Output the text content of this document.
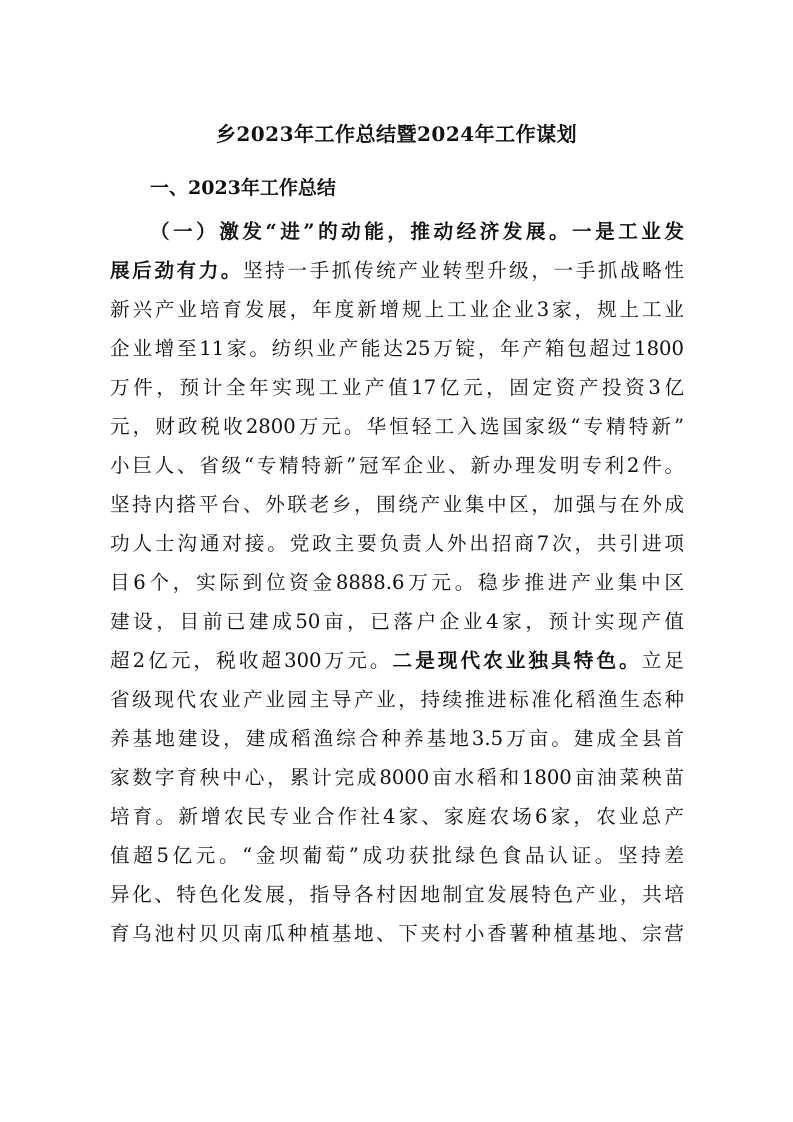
乡2023年工作总结暨2024年工作谋划
一、2023年工作总结
（一）激发“进”的动能，推动经济发展。一是工业发
展后劲有力。坚持一手抓传统产业转型升级，一手抓战略性
新兴产业培育发展，年度新增规上工业企业3家，规上工业
企业增至11家。纺织业产能达25万锭，年产箱包超过1800
万件，预计全年实现工业产值17亿元，固定资产投资3亿
元，财政税收2800万元。华恒轻工入选国家级“专精特新”
小巨人、省级“专精特新”冠军企业、新办理发明专利2件。
坚持内搭平台、外联老乡，围绕产业集中区，加强与在外成
功人士沟通对接。党政主要负责人外出招商7次，共引进项
目6个，实际到位资金8888.6万元。稳步推进产业集中区
建设，目前已建成50亩，已落户企业4家，预计实现产值
超2亿元，税收超300万元。二是现代农业独具特色。立足
省级现代农业产业园主导产业，持续推进标准化稻渔生态种
养基地建设，建成稻渔综合种养基地3.5万亩。建成全县首
家数字育秧中心，累计完成8000亩水稻和1800亩油菜秧苗
培育。新增农民专业合作社4家、家庭农场6家，农业总产
值超5亿元。“金坝葡萄”成功获批绿色食品认证。坚持差
异化、特色化发展，指导各村因地制宜发展特色产业，共培
育乌池村贝贝南瓜种植基地、下夹村小香薯种植基地、宗营
